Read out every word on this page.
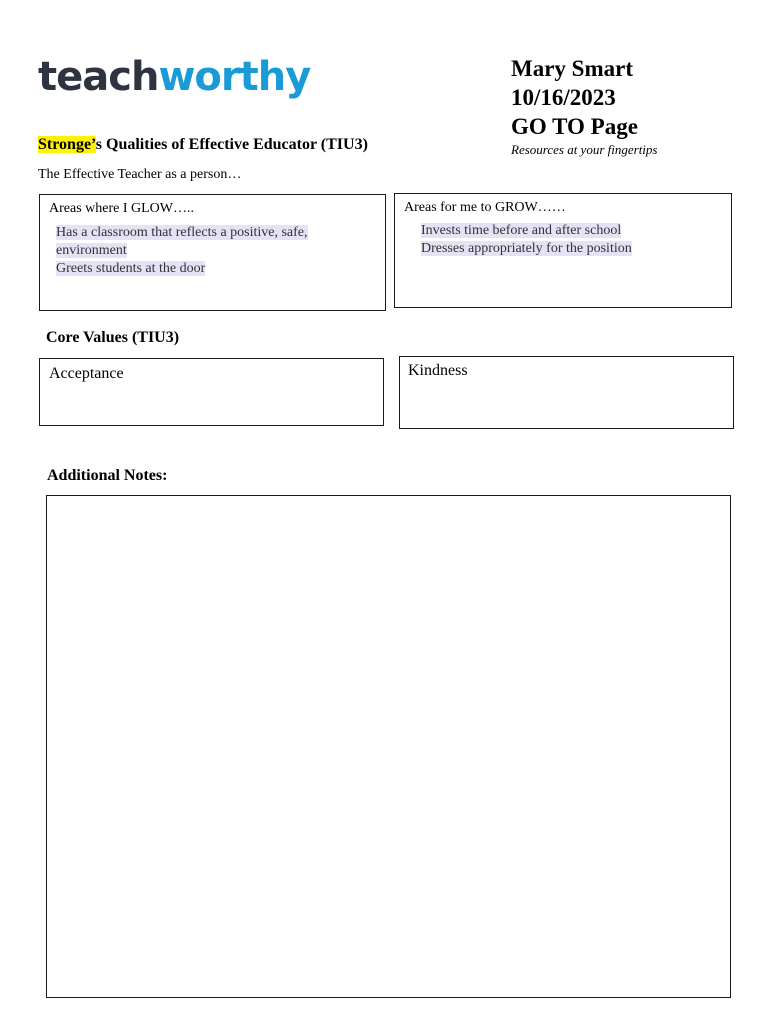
teachworthy	Mary Smart
10/16/2023
GO TO Page
Resources at your fingertips
Stronge’s Qualities of Effective Educator (TIU3)
The Effective Teacher as a person…
Areas where I GLOW…..
Has a classroom that reflects a positive, safe, environment
Greets students at the door
Areas for me to GROW……
Invests time before and after school
Dresses appropriately for the position
Core Values (TIU3)
Acceptance	Kindness
Additional Notes:
